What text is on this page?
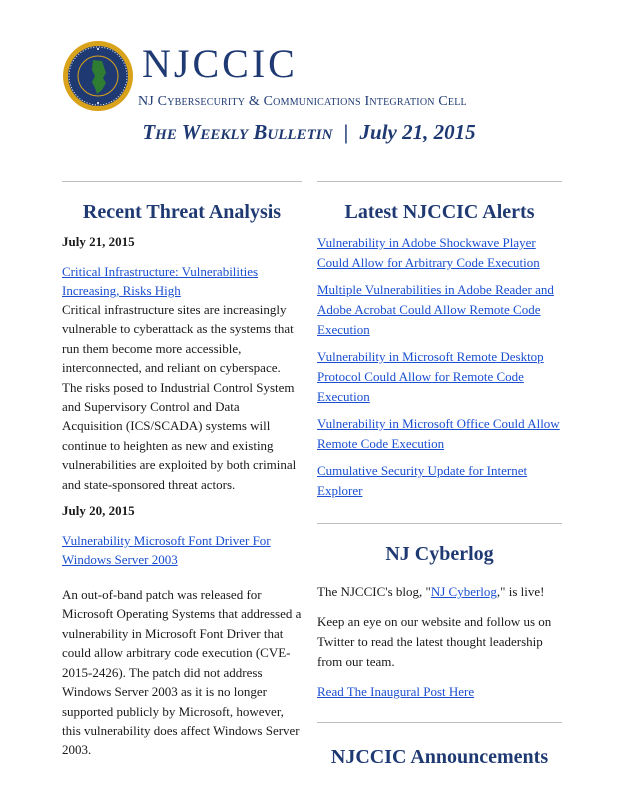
NJCCIC
NJ Cybersecurity & Communications Integration Cell
The Weekly Bulletin | July 21, 2015
Recent Threat Analysis
July 21, 2015
Critical Infrastructure: Vulnerabilities Increasing, Risks High

Critical infrastructure sites are increasingly vulnerable to cyberattack as the systems that run them become more accessible, interconnected, and reliant on cyberspace. The risks posed to Industrial Control System and Supervisory Control and Data Acquisition (ICS/SCADA) systems will continue to heighten as new and existing vulnerabilities are exploited by both criminal and state-sponsored threat actors.

July 20, 2015
Vulnerability Microsoft Font Driver For Windows Server 2003

An out-of-band patch was released for Microsoft Operating Systems that addressed a vulnerability in Microsoft Font Driver that could allow arbitrary code execution (CVE-2015-2426). The patch did not address Windows Server 2003 as it is no longer supported publicly by Microsoft, however, this vulnerability does affect Windows Server 2003.

Latest NJCCIC Alerts
Vulnerability in Adobe Shockwave Player Could Allow for Arbitrary Code Execution
Multiple Vulnerabilities in Adobe Reader and Adobe Acrobat Could Allow Remote Code Execution
Vulnerability in Microsoft Remote Desktop Protocol Could Allow for Remote Code Execution
Vulnerability in Microsoft Office Could Allow Remote Code Execution
Cumulative Security Update for Internet Explorer
NJ Cyberlog

The NJCCIC's blog, "NJ Cyberlog," is live!

Keep an eye on our website and follow us on Twitter to read the latest thought leadership from our team.

Read The Inaugural Post Here

NJCCIC Announcements
